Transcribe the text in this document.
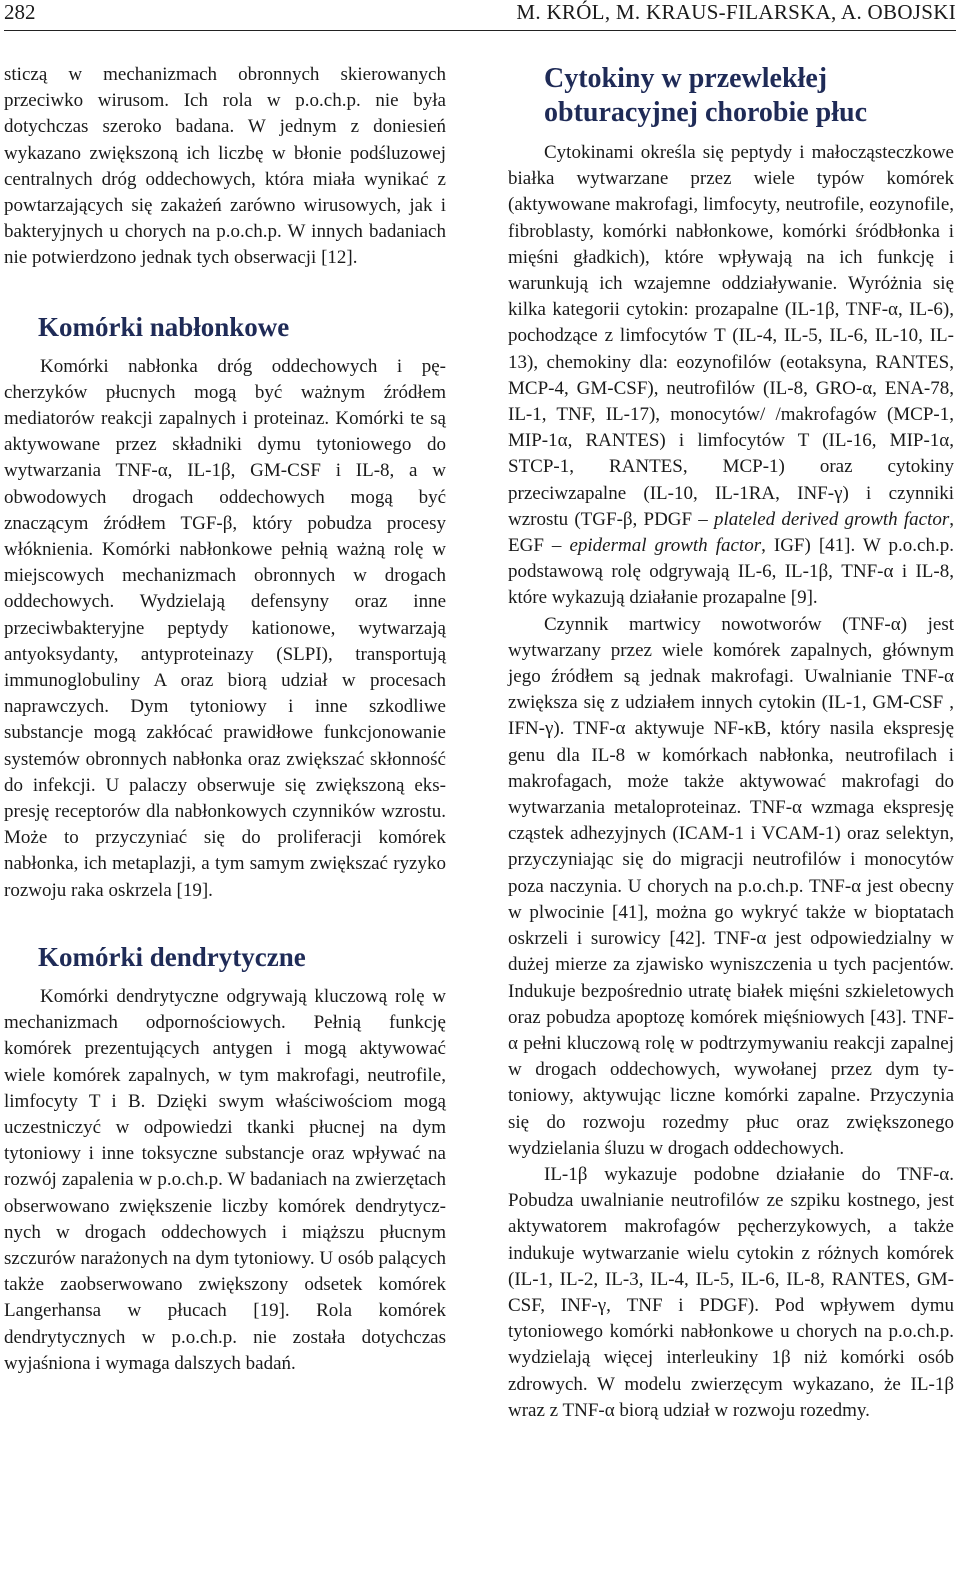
282	M. KRÓL, M. KRAUS-FILARSKA, A. OBOJSKI

sticzą w mechanizmach obronnych skierowanych przeciwko wirusom. Ich rola w p.o.ch.p. nie była dotychczas szeroko badana. W jednym z doniesień wykazano zwiększoną ich liczbę w błonie podśluzowej centralnych dróg oddechowych, która miała wynikać z powtarzających się zakażeń zarówno wirusowych, jak i bakteryjnych u chorych na p.o.ch.p. W innych badaniach nie potwierdzono jednak tych obserwacji [12].

Komórki nabłonkowe

Komórki nabłonka dróg oddechowych i pęcherzyków płucnych mogą być ważnym źródłem mediatorów reakcji zapalnych i proteinaz. Komórki te są aktywowane przez składniki dymu tytoniowego do wytwarzania TNF-α, IL-1β, GM-CSF i IL-8, a w obwodowych drogach oddechowych mogą być znaczącym źródłem TGF-β, który pobudza procesy włóknienia. Komórki nabłonkowe pełnią ważną rolę w miejscowych mechanizmach obronnych w drogach oddechowych. Wydzielają defensyny oraz inne przeciwbakteryjne peptydy kationowe, wytwarzają antyoksydanty, antyproteinazy (SLPI), transportują immunoglobuliny A oraz biorą udział w procesach naprawczych. Dym tytoniowy i inne szkodliwe substancje mogą zakłócać prawidłowe funkcjonowanie systemów obronnych nabłonka oraz zwiększać skłonność do infekcji. U palaczy obserwuje się zwiększoną ekspresję receptorów dla nabłonkowych czynników wzrostu. Może to przyczyniać się do proliferacji komórek nabłonka, ich metaplazji, a tym samym zwiększać ryzyko rozwoju raka oskrzela [19].

Komórki dendrytyczne

Komórki dendrytyczne odgrywają kluczową rolę w mechanizmach odpornościowych. Pełnią funkcję komórek prezentujących antygen i mogą aktywować wiele komórek zapalnych, w tym makrofagi, neutrofile, limfocyty T i B. Dzięki swym właściwościom mogą uczestniczyć w odpowiedzi tkanki płucnej na dym tytoniowy i inne toksyczne substancje oraz wpływać na rozwój zapalenia w p.o.ch.p. W badaniach na zwierzętach obserwowano zwiększenie liczby komórek dendrytycznych w drogach oddechowych i miąższu płucnym szczurów narażonych na dym tytoniowy. U osób palących także zaobserwowano zwiększony odsetek komórek Langerhansa w płucach [19]. Rola komórek dendrytycznych w p.o.ch.p. nie została dotychczas wyjaśniona i wymaga dalszych badań.

Cytokiny w przewlekłej obturacyjnej chorobie płuc

Cytokinami określa się peptydy i małocząsteczkowe białka wytwarzane przez wiele typów komórek (aktywowane makrofagi, limfocyty, neutrofile, eozynofile, fibroblasty, komórki nabłonkowe, komórki śródbłonka i mięśni gładkich), które wpływają na ich funkcję i warunkują ich wzajemne oddziaływanie. Wyróżnia się kilka kategorii cytokin: prozapalne (IL-1β, TNF-α, IL-6), pochodzące z limfocytów T (IL-4, IL-5, IL-6, IL-10, IL-13), chemokiny dla: eozynofilów (eotaksyna, RANTES, MCP-4, GM-CSF), neutrofilów (IL-8, GRO-α, ENA-78, IL-1, TNF, IL-17), monocytów/ /makrofagów (MCP-1, MIP-1α, RANTES) i limfocytów T (IL-16, MIP-1α, STCP-1, RANTES, MCP-1) oraz cytokiny przeciwzapalne (IL-10, IL-1RA, INF-γ) i czynniki wzrostu (TGF-β, PDGF – plateled derived growth factor, EGF – epidermal growth factor, IGF) [41]. W p.o.ch.p. podstawową rolę odgrywają IL-6, IL-1β, TNF-α i IL-8, które wykazują działanie prozapalne [9].

Czynnik martwicy nowotworów (TNF-α) jest wytwarzany przez wiele komórek zapalnych, głównym jego źródłem są jednak makrofagi. Uwalnianie TNF-α zwiększa się z udziałem innych cytokin (IL-1, GM-CSF , IFN-γ). TNF-α aktywuje NF-κB, który nasila ekspresję genu dla IL-8 w komórkach nabłonka, neutrofilach i makrofagach, może także aktywować makrofagi do wytwarzania metaloproteinaz. TNF-α wzmaga ekspresję cząstek adhezyjnych (ICAM-1 i VCAM-1) oraz selektyn, przyczyniając się do migracji neutrofilów i monocytów poza naczynia. U chorych na p.o.ch.p. TNF-α jest obecny w plwocinie [41], można go wykryć także w bioptatach oskrzeli i surowicy [42]. TNF-α jest odpowiedzialny w dużej mierze za zjawisko wyniszczenia u tych pacjentów. Indukuje bezpośrednio utratę białek mięśni szkieletowych oraz pobudza apoptozę komórek mięśniowych [43]. TNF-α pełni kluczową rolę w podtrzymywaniu reakcji zapalnej w drogach oddechowych, wywołanej przez dym tytoniowy, aktywując liczne komórki zapalne. Przyczynia się do rozwoju rozedmy płuc oraz zwiększonego wydzielania śluzu w drogach oddechowych.

IL-1β wykazuje podobne działanie do TNF-α. Pobudza uwalnianie neutrofilów ze szpiku kostnego, jest aktywatorem makrofagów pęcherzykowych, a także indukuje wytwarzanie wielu cytokin z różnych komórek (IL-1, IL-2, IL-3, IL-4, IL-5, IL-6, IL-8, RANTES, GM-CSF, INF-γ, TNF i PDGF). Pod wpływem dymu tytoniowego komórki nabłonkowe u chorych na p.o.ch.p. wydzielają więcej interleukiny 1β niż komórki osób zdrowych. W modelu zwierzęcym wykazano, że IL-1β wraz z TNF-α biorą udział w rozwoju rozedmy.
